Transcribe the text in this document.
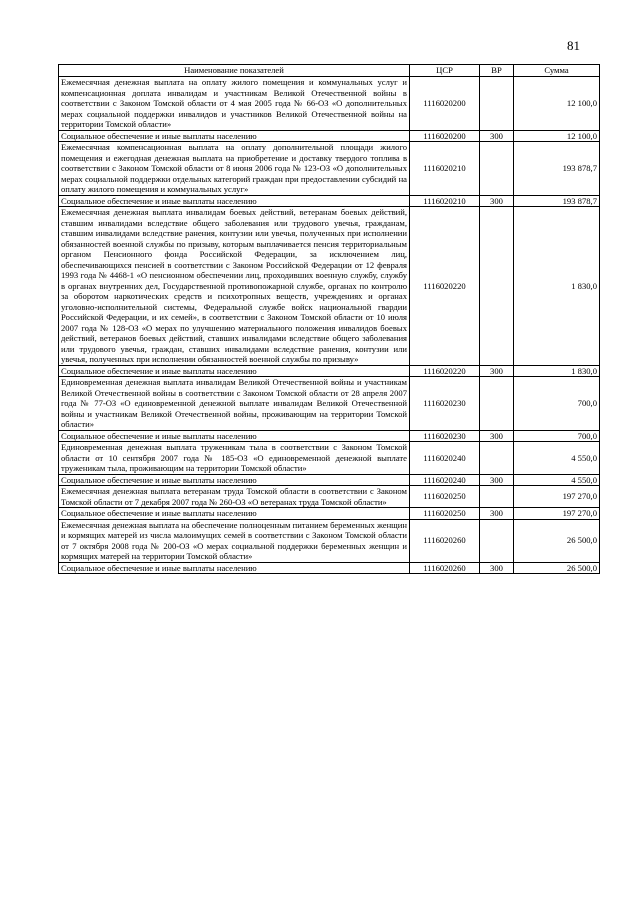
81
Наименование показателей	ЦСР	ВР	Сумма
Ежемесячная денежная выплата на оплату жилого помещения и коммунальных услуг и компенсационная доплата инвалидам и участникам Великой Отечественной войны в соответствии с Законом Томской области от 4 мая 2005 года № 66-ОЗ «О дополнительных мерах социальной поддержки инвалидов и участников Великой Отечественной войны на территории Томской области»	1116020200		12 100,0
Социальное обеспечение и иные выплаты населению	1116020200	300	12 100,0
Ежемесячная компенсационная выплата на оплату дополнительной площади жилого помещения и ежегодная денежная выплата на приобретение и доставку твердого топлива в соответствии с Законом Томской области от 8 июня 2006 года № 123-ОЗ «О дополнительных мерах социальной поддержки отдельных категорий граждан при предоставлении субсидий на оплату жилого помещения и коммунальных услуг»	1116020210		193 878,7
Социальное обеспечение и иные выплаты населению	1116020210	300	193 878,7
Ежемесячная денежная выплата инвалидам боевых действий, ветеранам боевых действий, ставшим инвалидами вследствие общего заболевания или трудового увечья, гражданам, ставшим инвалидами вследствие ранения, контузии или увечья, полученных при исполнении обязанностей военной службы по призыву, которым выплачивается пенсия территориальным органом Пенсионного фонда Российской Федерации, за исключением лиц, обеспечивающихся пенсией в соответствии с Законом Российской Федерации от 12 февраля 1993 года № 4468-1 «О пенсионном обеспечении лиц, проходивших военную службу, службу в органах внутренних дел, Государственной противопожарной службе, органах по контролю за оборотом наркотических средств и психотропных веществ, учреждениях и органах уголовно-исполнительной системы, Федеральной службе войск национальной гвардии Российской Федерации, и их семей», в соответствии с Законом Томской области от 10 июля 2007 года № 128-ОЗ «О мерах по улучшению материального положения инвалидов боевых действий, ветеранов боевых действий, ставших инвалидами вследствие общего заболевания или трудового увечья, граждан, ставших инвалидами вследствие ранения, контузии или увечья, полученных при исполнении обязанностей военной службы по призыву»	1116020220		1 830,0
Социальное обеспечение и иные выплаты населению	1116020220	300	1 830,0
Единовременная денежная выплата инвалидам Великой Отечественной войны и участникам Великой Отечественной войны в соответствии с Законом Томской области от 28 апреля 2007 года № 77-ОЗ «О единовременной денежной выплате инвалидам Великой Отечественной войны и участникам Великой Отечественной войны, проживающим на территории Томской области»	1116020230		700,0
Социальное обеспечение и иные выплаты населению	1116020230	300	700,0
Единовременная денежная выплата труженикам тыла в соответствии с Законом Томской области от 10 сентября 2007 года № 185-ОЗ «О единовременной денежной выплате труженикам тыла, проживающим на территории Томской области»	1116020240		4 550,0
Социальное обеспечение и иные выплаты населению	1116020240	300	4 550,0
Ежемесячная денежная выплата ветеранам труда Томской области в соответствии с Законом Томской области от 7 декабря 2007 года № 260-ОЗ «О ветеранах труда Томской области»	1116020250		197 270,0
Социальное обеспечение и иные выплаты населению	1116020250	300	197 270,0
Ежемесячная денежная выплата на обеспечение полноценным питанием беременных женщин и кормящих матерей из числа малоимущих семей в соответствии с Законом Томской области от 7 октября 2008 года № 200-ОЗ «О мерах социальной поддержки беременных женщин и кормящих матерей на территории Томской области»	1116020260		26 500,0
Социальное обеспечение и иные выплаты населению	1116020260	300	26 500,0
